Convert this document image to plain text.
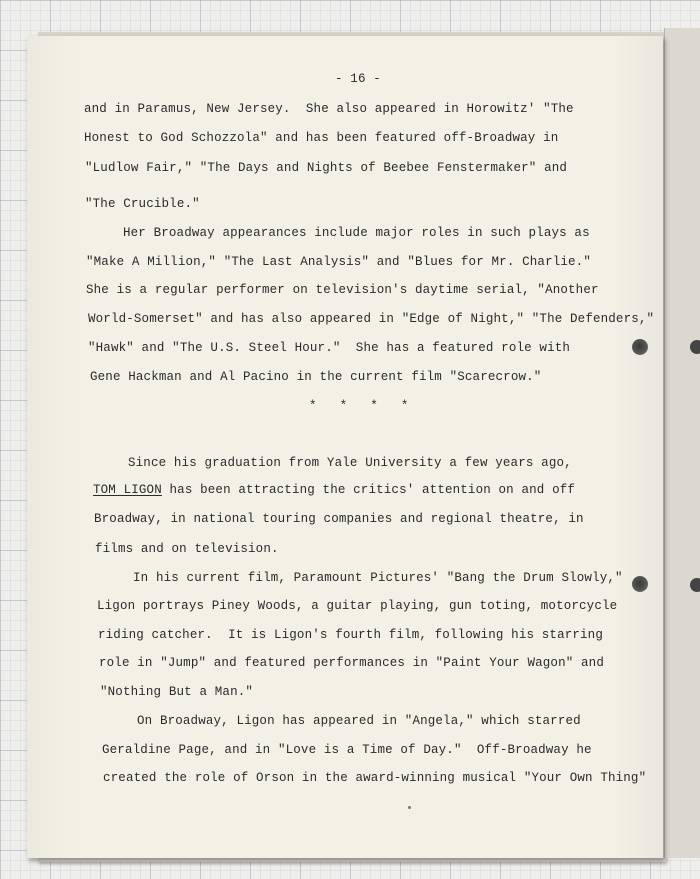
- 16 -
and in Paramus, New Jersey.  She also appeared in Horowitz' "The
Honest to God Schozzola" and has been featured off-Broadway in
"Ludlow Fair," "The Days and Nights of Beebee Fenstermaker" and
"The Crucible."
Her Broadway appearances include major roles in such plays as
"Make A Million," "The Last Analysis" and "Blues for Mr. Charlie."
She is a regular performer on television's daytime serial, "Another
World-Somerset" and has also appeared in "Edge of Night," "The Defenders,"
"Hawk" and "The U.S. Steel Hour."  She has a featured role with
Gene Hackman and Al Pacino in the current film "Scarecrow."
*   *   *   *
Since his graduation from Yale University a few years ago,
TOM LIGON has been attracting the critics' attention on and off
Broadway, in national touring companies and regional theatre, in
films and on television.
In his current film, Paramount Pictures' "Bang the Drum Slowly,"
Ligon portrays Piney Woods, a guitar playing, gun toting, motorcycle
riding catcher.  It is Ligon's fourth film, following his starring
role in "Jump" and featured performances in "Paint Your Wagon" and
"Nothing But a Man."
On Broadway, Ligon has appeared in "Angela," which starred
Geraldine Page, and in "Love is a Time of Day."  Off-Broadway he
created the role of Orson in the award-winning musical "Your Own Thing"
